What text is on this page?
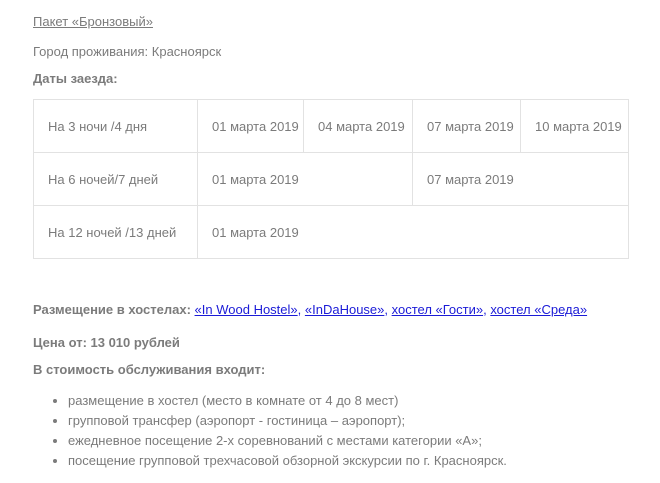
Пакет «Бронзовый»

Город проживания: Красноярск

Даты заезда:

На 3 ночи /4 дня	01 марта 2019	04 марта 2019	07 марта 2019	10 марта 2019
На 6 ночей/7 дней	01 марта 2019		07 марта 2019	
На 12 ночей /13 дней	01 марта 2019			

Размещение в хостелах: «In Wood Hostel», «InDaHouse», хостел «Гости», хостел «Среда»

Цена от: 13 010 рублей

В стоимость обслуживания входит:

• размещение в хостел (место в комнате от 4 до 8 мест)
• групповой трансфер (аэропорт - гостиница – аэропорт);
• ежедневное посещение 2-х соревнований с местами категории «А»;
• посещение групповой трехчасовой обзорной экскурсии по г. Красноярск.
